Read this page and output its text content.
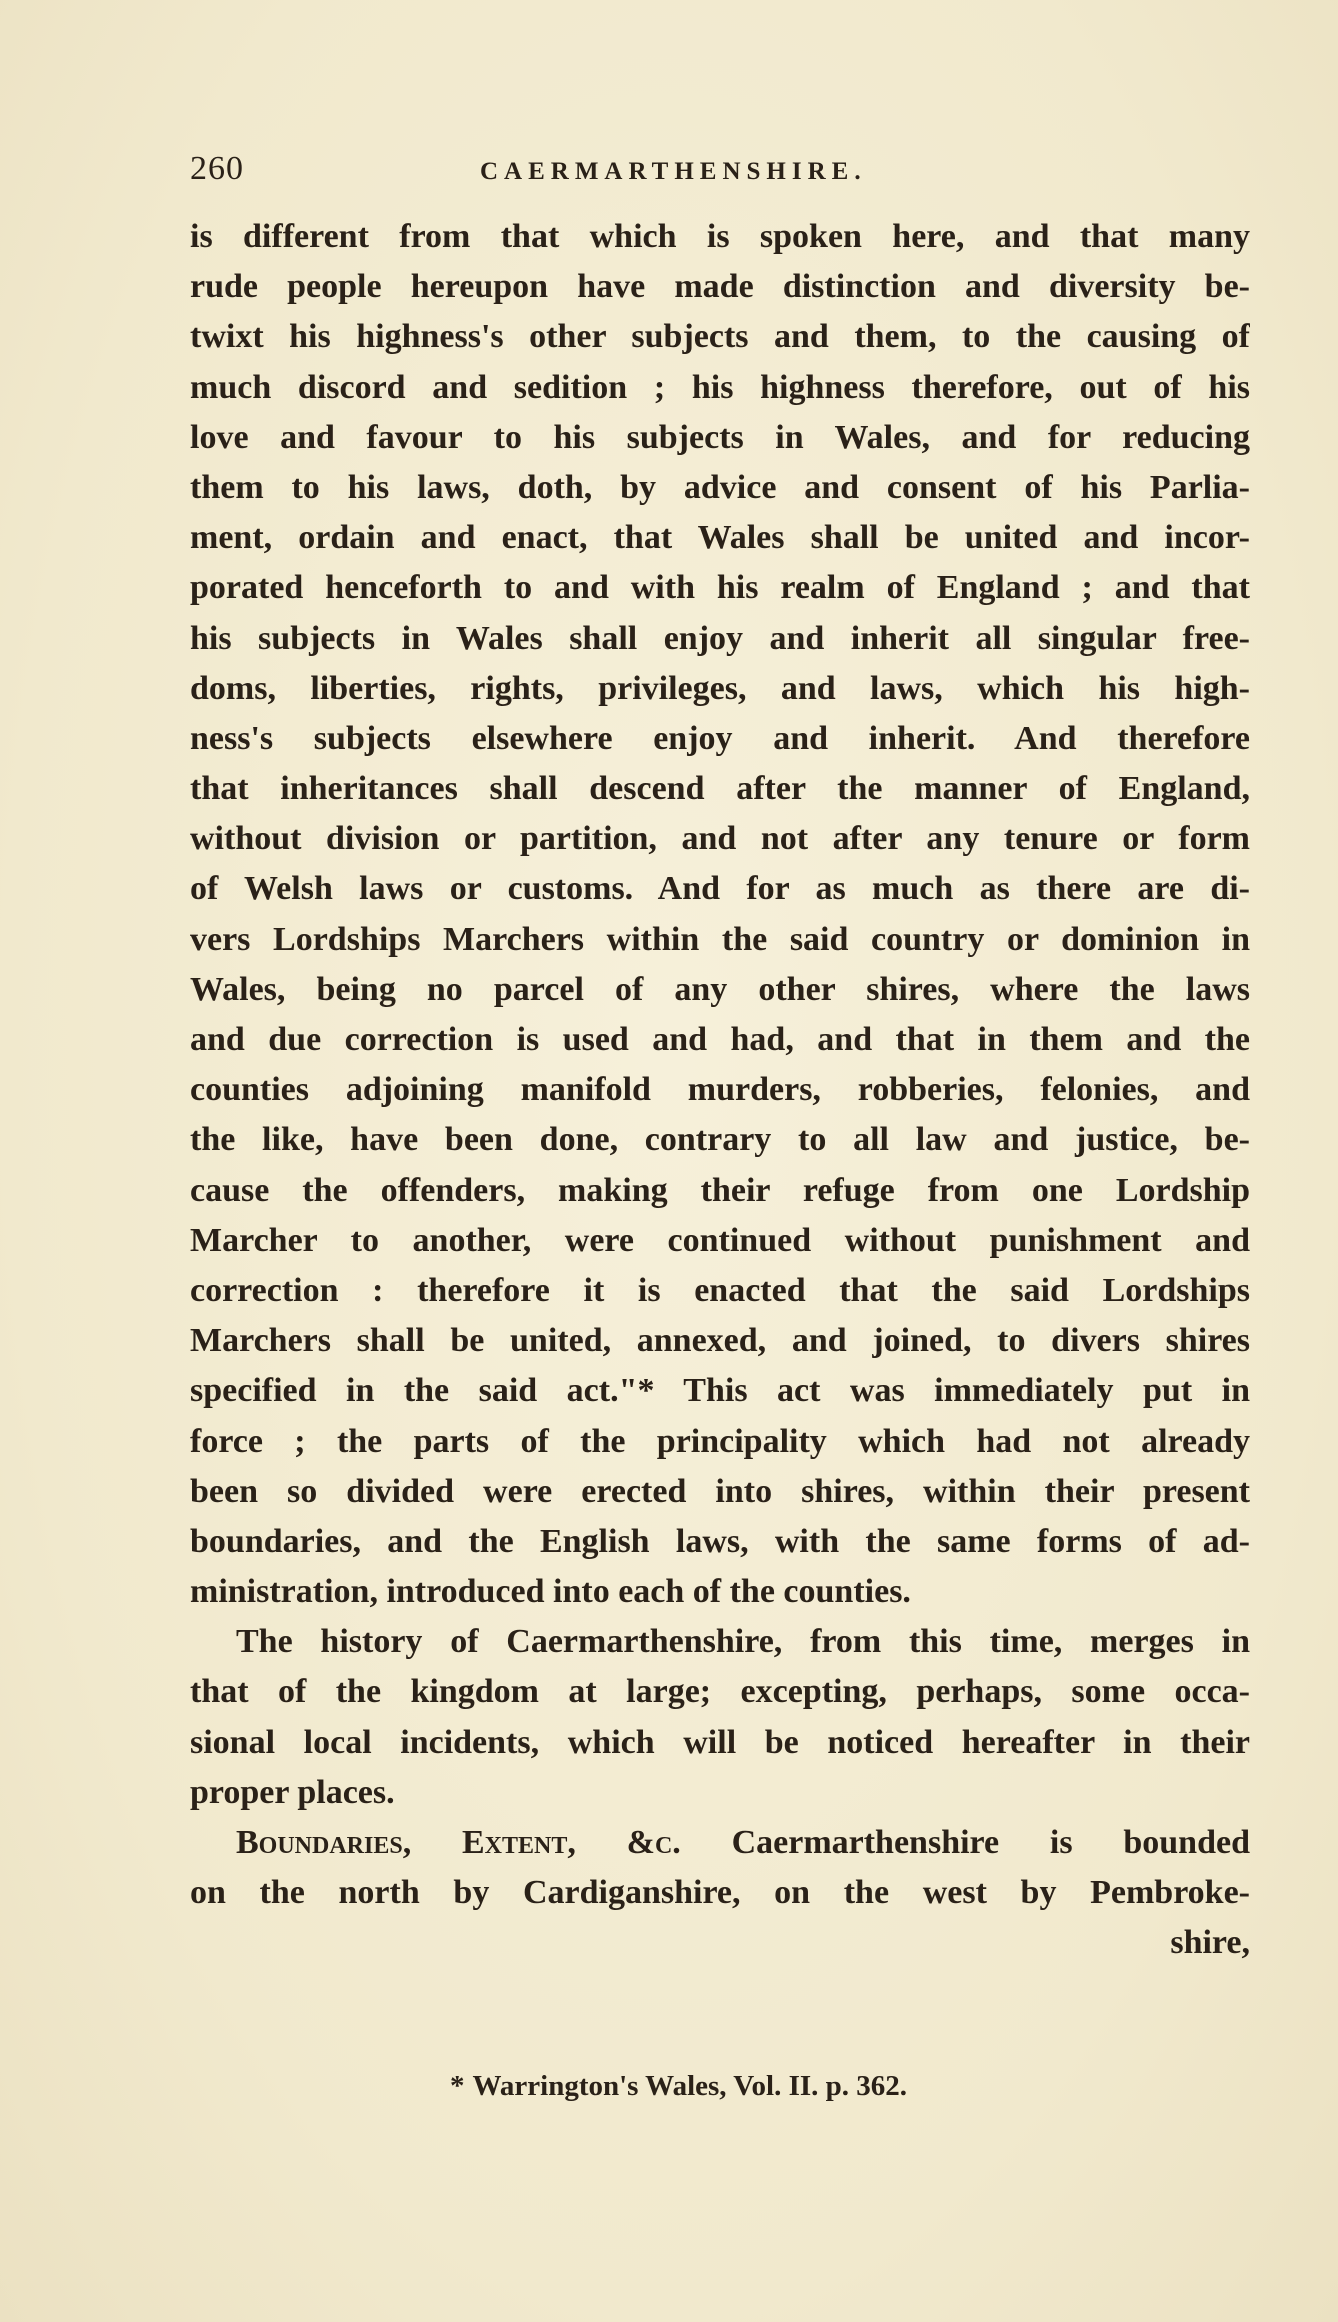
260	CAERMARTHENSHIRE.
is different from that which is spoken here, and that many
rude people hereupon have made distinction and diversity be-
twixt his highness's other subjects and them, to the causing of
much discord and sedition ; his highness therefore, out of his
love and favour to his subjects in Wales, and for reducing
them to his laws, doth, by advice and consent of his Parlia-
ment, ordain and enact, that Wales shall be united and incor-
porated henceforth to and with his realm of England ; and that
his subjects in Wales shall enjoy and inherit all singular free-
doms, liberties, rights, privileges, and laws, which his high-
ness's subjects elsewhere enjoy and inherit. And therefore
that inheritances shall descend after the manner of England,
without division or partition, and not after any tenure or form
of Welsh laws or customs. And for as much as there are di-
vers Lordships Marchers within the said country or dominion in
Wales, being no parcel of any other shires, where the laws
and due correction is used and had, and that in them and the
counties adjoining manifold murders, robberies, felonies, and
the like, have been done, contrary to all law and justice, be-
cause the offenders, making their refuge from one Lordship
Marcher to another, were continued without punishment and
correction : therefore it is enacted that the said Lordships
Marchers shall be united, annexed, and joined, to divers shires
specified in the said act."* This act was immediately put in
force ; the parts of the principality which had not already
been so divided were erected into shires, within their present
boundaries, and the English laws, with the same forms of ad-
ministration, introduced into each of the counties.
The history of Caermarthenshire, from this time, merges in
that of the kingdom at large; excepting, perhaps, some occa-
sional local incidents, which will be noticed hereafter in their
proper places.
Boundaries, Extent, &c. Caermarthenshire is bounded
on the north by Cardiganshire, on the west by Pembroke-
shire,
* Warrington's Wales, Vol. II. p. 362.
